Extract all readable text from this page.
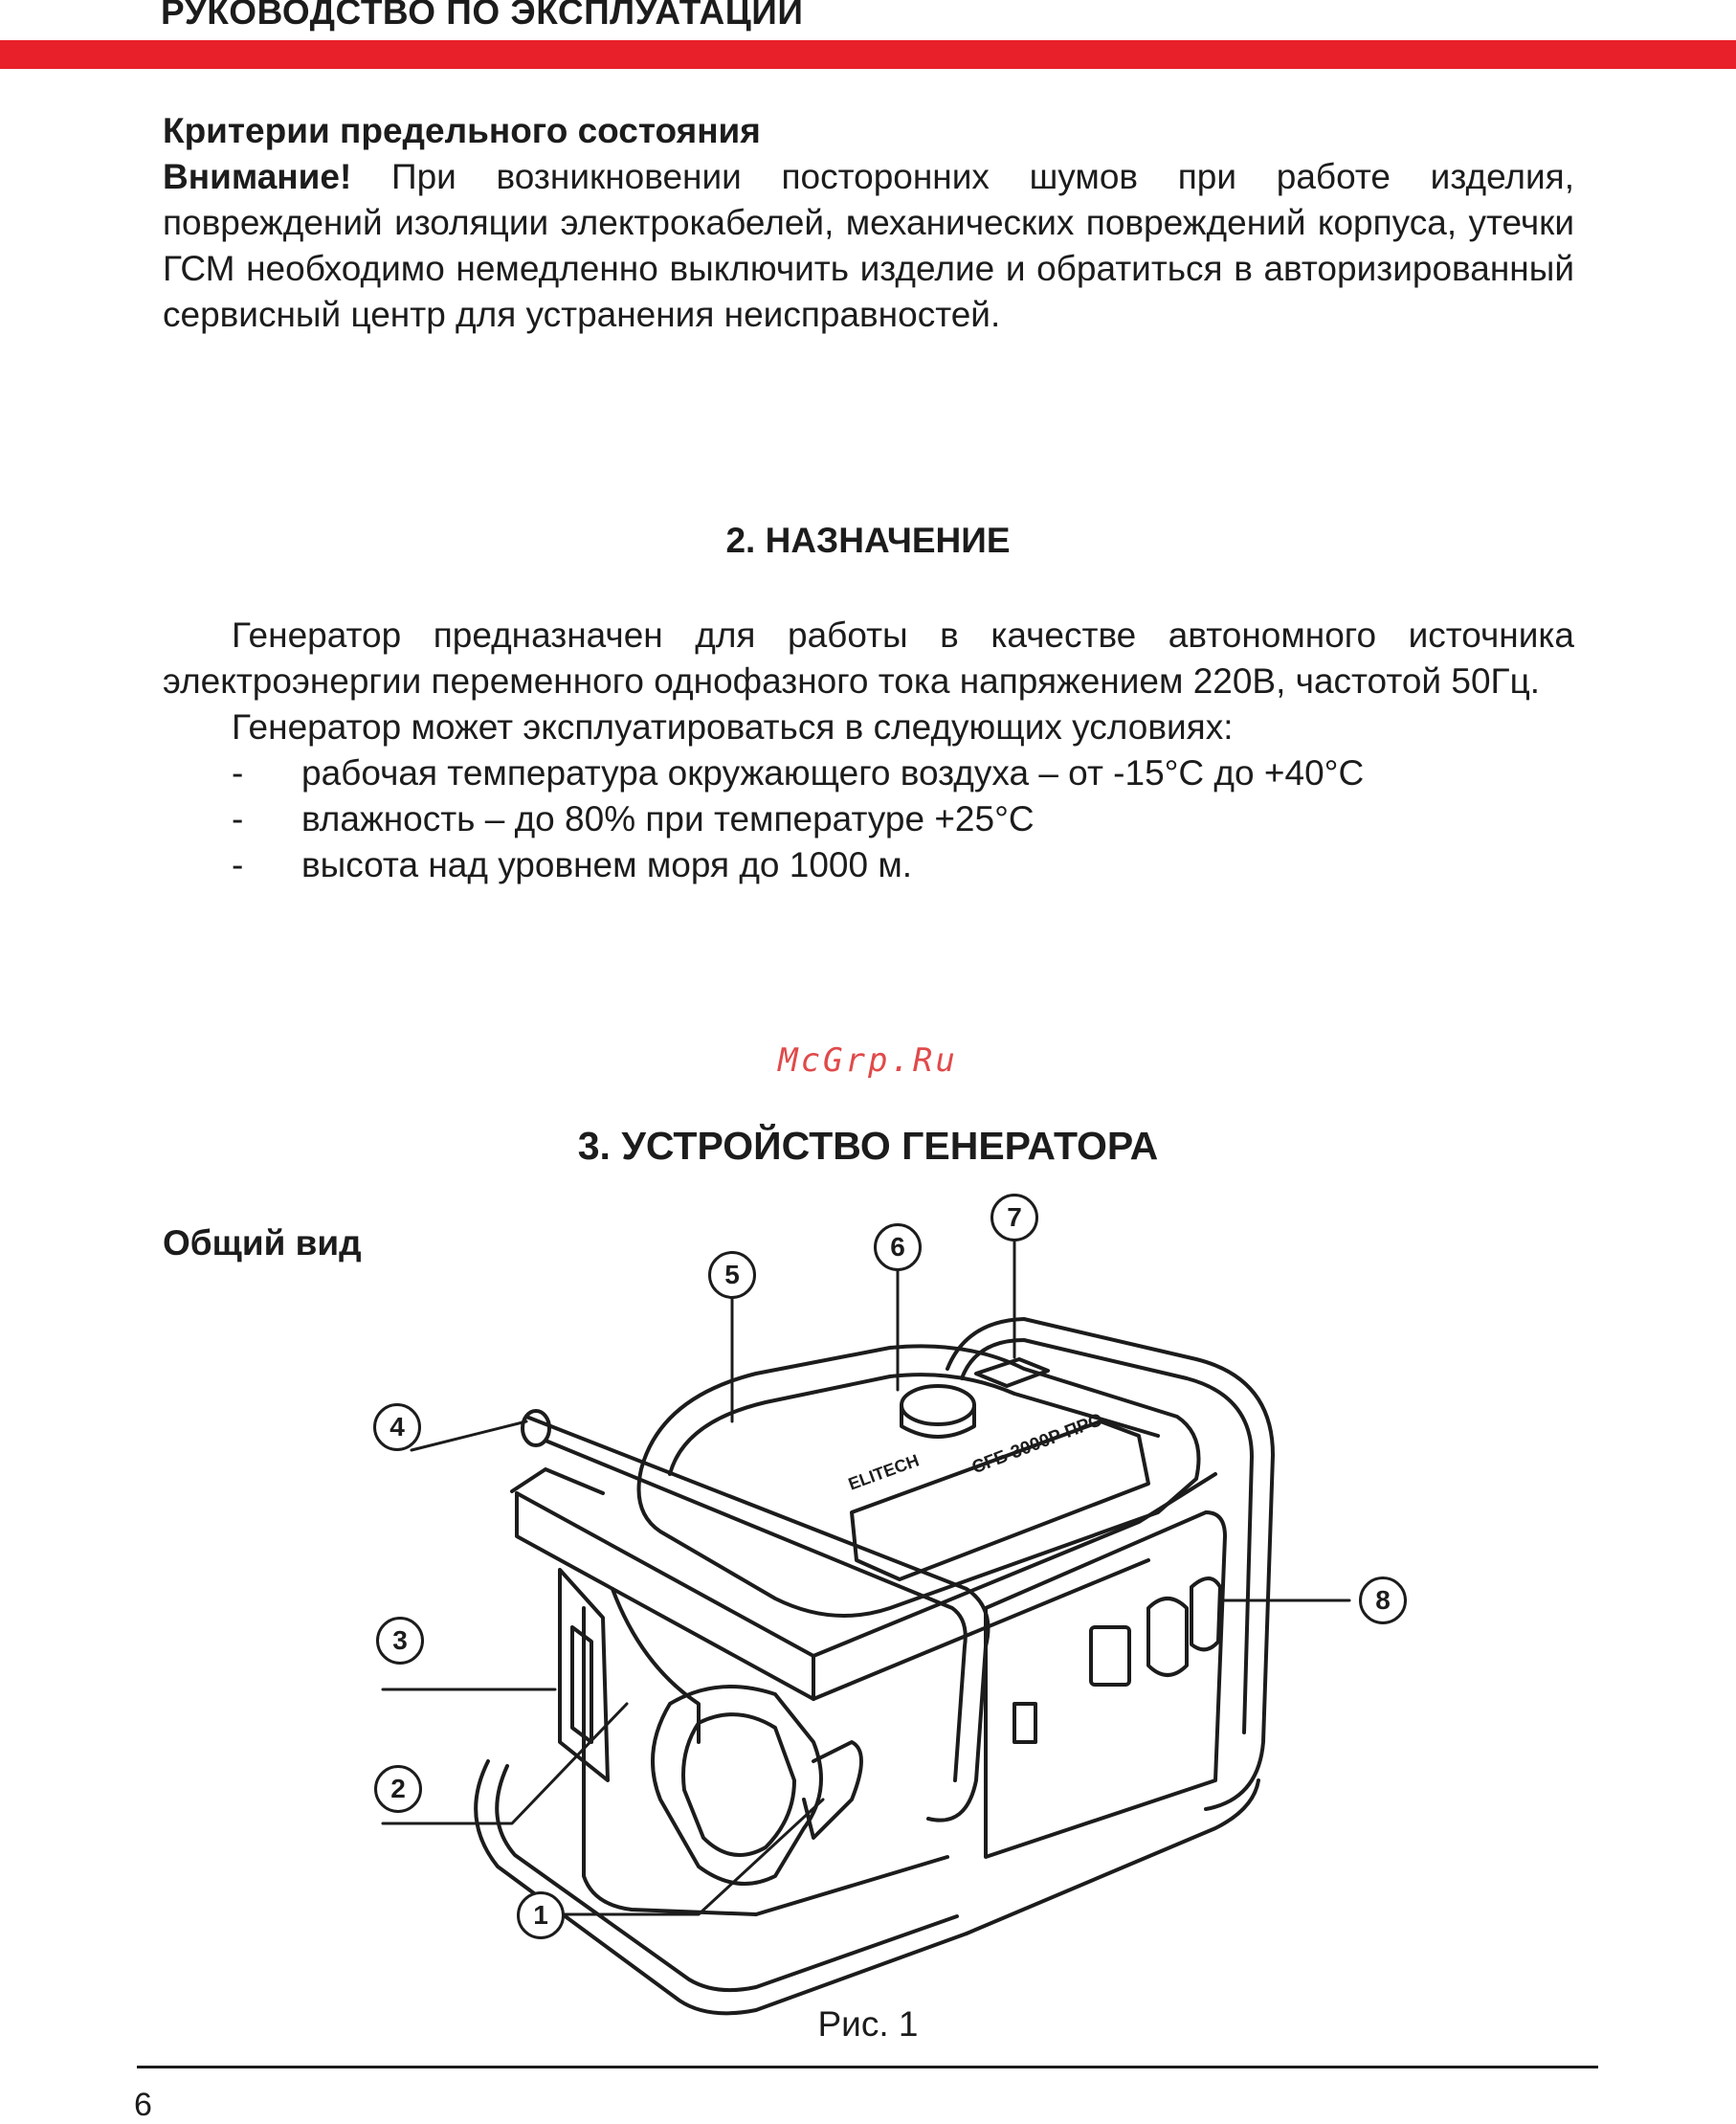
РУКОВОДСТВО ПО ЭКСПЛУАТАЦИИ

Критерии предельного состояния

Внимание! При возникновении посторонних шумов при работе изделия, повреждений изоляции электрокабелей, механических повреждений корпуса, утечки ГСМ необходимо немедленно выключить изделие и обратиться в авторизированный сервисный центр для устранения неисправностей.

2. НАЗНАЧЕНИЕ

Генератор предназначен для работы в качестве автономного источника электроэнергии переменного однофазного тока напряжением 220В, частотой 50Гц.

Генератор может эксплуатироваться в следующих условиях:

- рабочая температура окружающего воздуха – от -15°С до +40°С
- влажность – до 80% при температуре +25°С
- высота над уровнем моря до 1000 м.
McGrp.Ru
3. УСТРОЙСТВО ГЕНЕРАТОРА
Общий вид
ELITECH	СГБ 3000Р ПРО
1
2
3
4
5
6
7
8
Рис. 1
6
